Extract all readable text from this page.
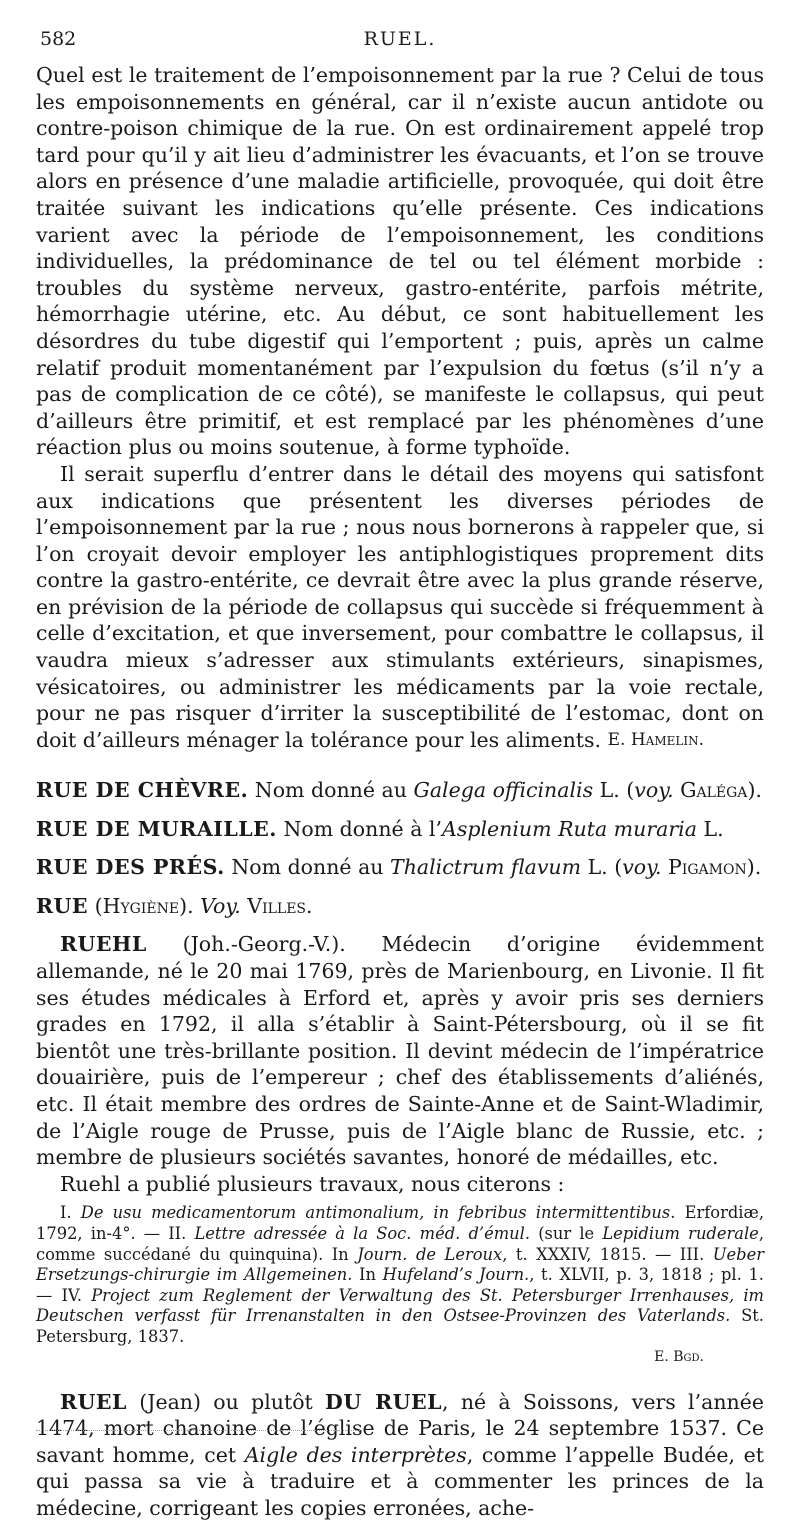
582	RUEL.

Quel est le traitement de l’empoisonnement par la rue ? Celui de tous les empoisonnements en général, car il n’existe aucun antidote ou contre-poison chimique de la rue. On est ordinairement appelé trop tard pour qu’il y ait lieu d’administrer les évacuants, et l’on se trouve alors en présence d’une maladie artificielle, provoquée, qui doit être traitée suivant les indications qu’elle présente. Ces indications varient avec la période de l’empoisonnement, les conditions individuelles, la prédominance de tel ou tel élément morbide : troubles du système nerveux, gastro-entérite, parfois métrite, hémorrhagie utérine, etc. Au début, ce sont habituellement les désordres du tube digestif qui l’emportent ; puis, après un calme relatif produit momentanément par l’expulsion du fœtus (s’il n’y a pas de complication de ce côté), se manifeste le collapsus, qui peut d’ailleurs être primitif, et est remplacé par les phénomènes d’une réaction plus ou moins soutenue, à forme typhoïde.

Il serait superflu d’entrer dans le détail des moyens qui satisfont aux indications que présentent les diverses périodes de l’empoisonnement par la rue ; nous nous bornerons à rappeler que, si l’on croyait devoir employer les antiphlogistiques proprement dits contre la gastro-entérite, ce devrait être avec la plus grande réserve, en prévision de la période de collapsus qui succède si fréquemment à celle d’excitation, et que inversement, pour combattre le collapsus, il vaudra mieux s’adresser aux stimulants extérieurs, sinapismes, vésicatoires, ou administrer les médicaments par la voie rectale, pour ne pas risquer d’irriter la susceptibilité de l’estomac, dont on doit d’ailleurs ménager la tolérance pour les aliments. E. Hamelin.

RUE DE CHÈVRE. Nom donné au Galega officinalis L. (voy. Galéga).

RUE DE MURAILLE. Nom donné à l’Asplenium Ruta muraria L.

RUE DES PRÉS. Nom donné au Thalictrum flavum L. (voy. Pigamon).

RUE (Hygiène). Voy. Villes.

RUEHL (Joh.-Georg.-V.). Médecin d’origine évidemment allemande, né le 20 mai 1769, près de Marienbourg, en Livonie. Il fit ses études médicales à Erford et, après y avoir pris ses derniers grades en 1792, il alla s’établir à Saint-Pétersbourg, où il se fit bientôt une très-brillante position. Il devint médecin de l’impératrice douairière, puis de l’empereur ; chef des établissements d’aliénés, etc. Il était membre des ordres de Sainte-Anne et de Saint-Wladimir, de l’Aigle rouge de Prusse, puis de l’Aigle blanc de Russie, etc. ; membre de plusieurs sociétés savantes, honoré de médailles, etc.

Ruehl a publié plusieurs travaux, nous citerons :

I. De usu medicamentorum antimonalium, in febribus intermittentibus. Erfordiæ, 1792, in-4°. — II. Lettre adressée à la Soc. méd. d’émul. (sur le Lepidium ruderale, comme succédané du quinquina). In Journ. de Leroux, t. XXXIV, 1815. — III. Ueber Ersetzungs-chirurgie im Allgemeinen. In Hufeland’s Journ., t. XLVII, p. 3, 1818 ; pl. 1. — IV. Project zum Reglement der Verwaltung des St. Petersburger Irrenhauses, im Deutschen verfasst für Irrenanstalten in den Ostsee-Provinzen des Vaterlands. St. Petersburg, 1837.

E. Bgd.

RUEL (Jean) ou plutôt DU RUEL, né à Soissons, vers l’année 1474, mort chanoine de l’église de Paris, le 24 septembre 1537. Ce savant homme, cet Aigle des interprètes, comme l’appelle Budée, et qui passa sa vie à traduire et à commenter les princes de la médecine, corrigeant les copies erronées, ache-
